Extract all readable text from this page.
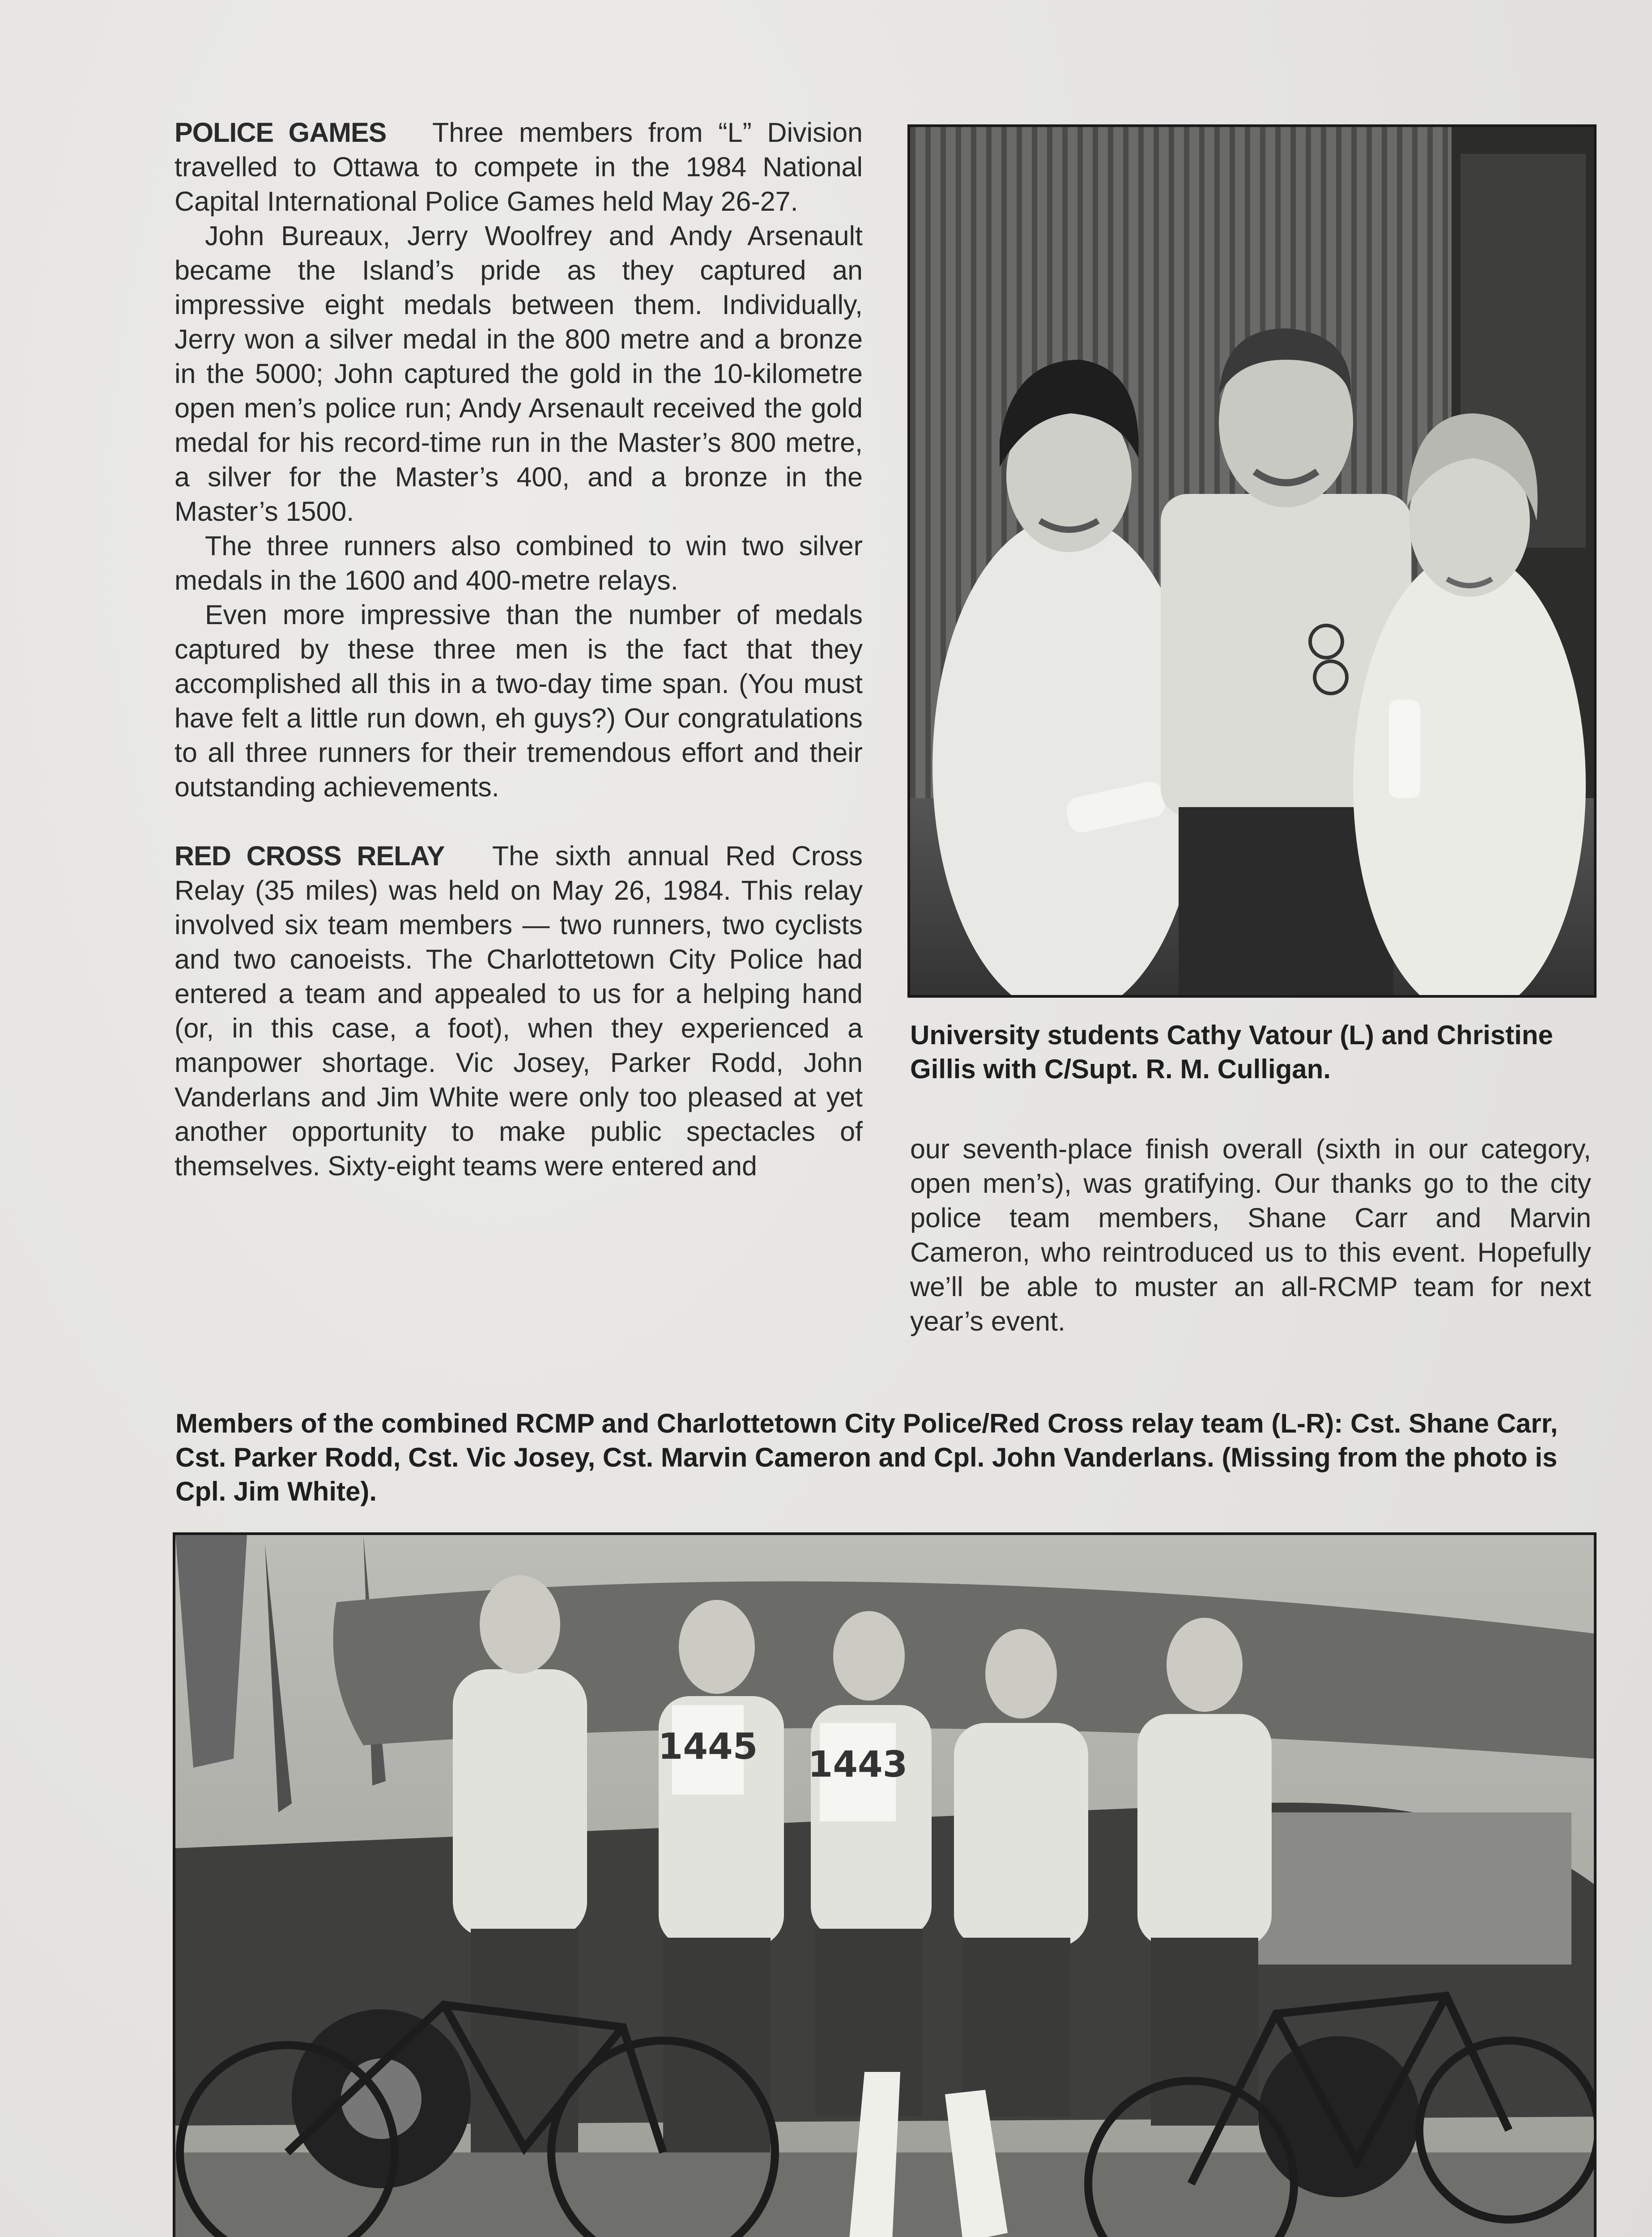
POLICE GAMES Three members from “L” Division travelled to Ottawa to compete in the 1984 National Capital International Police Games held May 26-27.

John Bureaux, Jerry Woolfrey and Andy Arsenault became the Island’s pride as they captured an impressive eight medals between them. Individually, Jerry won a silver medal in the 800 metre and a bronze in the 5000; John captured the gold in the 10-kilometre open men’s police run; Andy Arsenault received the gold medal for his record-time run in the Master’s 800 metre, a silver for the Master’s 400, and a bronze in the Master’s 1500.

The three runners also combined to win two silver medals in the 1600 and 400-metre relays.

Even more impressive than the number of medals captured by these three men is the fact that they accomplished all this in a two-day time span. (You must have felt a little run down, eh guys?) Our congratulations to all three runners for their tremendous effort and their outstanding achievements.

RED CROSS RELAY The sixth annual Red Cross Relay (35 miles) was held on May 26, 1984. This relay involved six team members — two runners, two cyclists and two canoeists. The Charlottetown City Police had entered a team and appealed to us for a helping hand (or, in this case, a foot), when they experienced a manpower shortage. Vic Josey, Parker Rodd, John Vanderlans and Jim White were only too pleased at yet another opportunity to make public spectacles of themselves. Sixty-eight teams were entered and

University students Cathy Vatour (L) and Christine Gillis with C/Supt. R. M. Culligan.

our seventh-place finish overall (sixth in our category, open men’s), was gratifying. Our thanks go to the city police team members, Shane Carr and Marvin Cameron, who reintroduced us to this event. Hopefully we’ll be able to muster an all-RCMP team for next year’s event.

Members of the combined RCMP and Charlottetown City Police/Red Cross relay team (L-R): Cst. Shane Carr, Cst. Parker Rodd, Cst. Vic Josey, Cst. Marvin Cameron and Cpl. John Vanderlans. (Missing from the photo is Cpl. Jim White).
1445 1443
